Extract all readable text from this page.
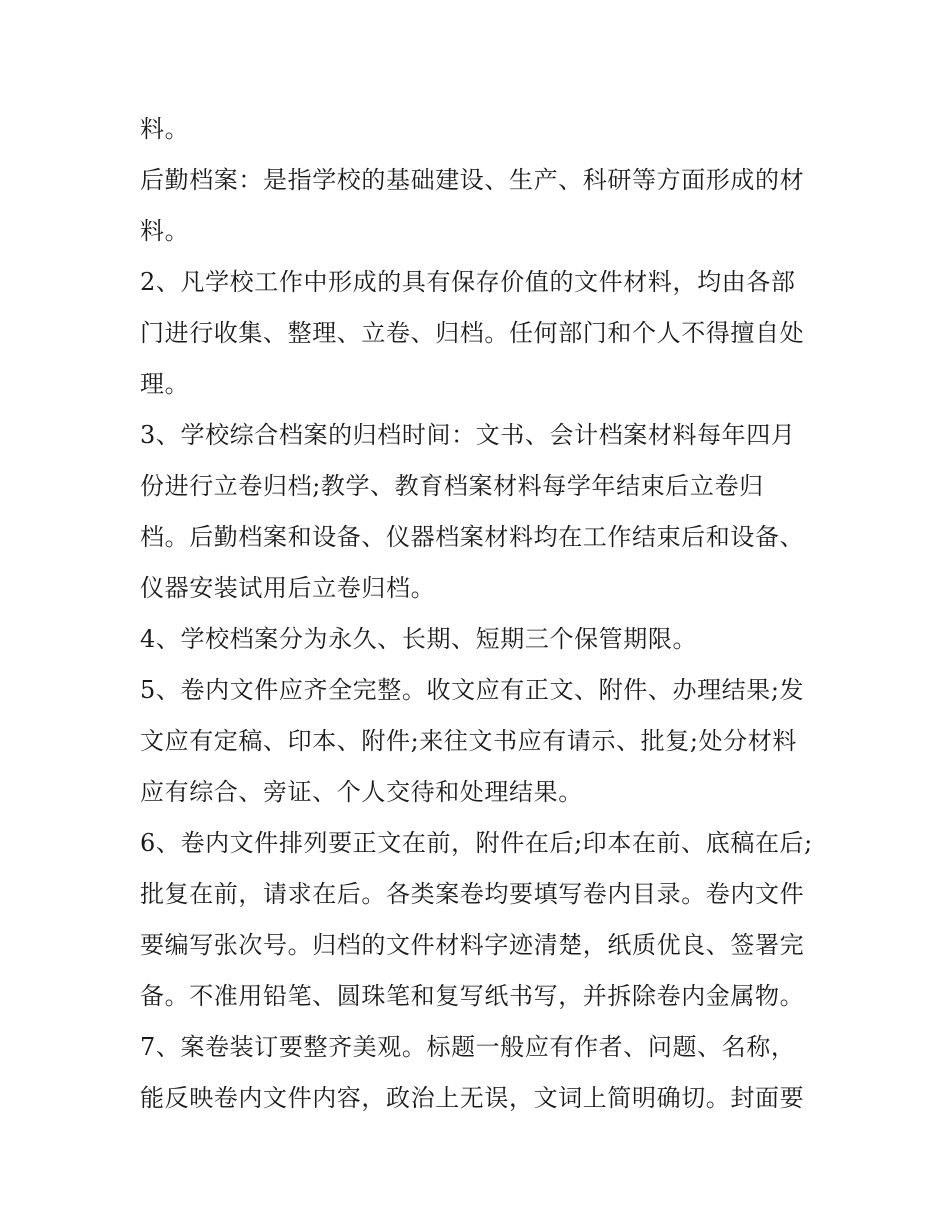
料。
后勤档案：是指学校的基础建设、生产、科研等方面形成的材
料。
2、凡学校工作中形成的具有保存价值的文件材料，均由各部
门进行收集、整理、立卷、归档。任何部门和个人不得擅自处
理。
3、学校综合档案的归档时间：文书、会计档案材料每年四月
份进行立卷归档;教学、教育档案材料每学年结束后立卷归
档。后勤档案和设备、仪器档案材料均在工作结束后和设备、
仪器安装试用后立卷归档。
4、学校档案分为永久、长期、短期三个保管期限。
5、卷内文件应齐全完整。收文应有正文、附件、办理结果;发
文应有定稿、印本、附件;来往文书应有请示、批复;处分材料
应有综合、旁证、个人交待和处理结果。
6、卷内文件排列要正文在前，附件在后;印本在前、底稿在后;
批复在前，请求在后。各类案卷均要填写卷内目录。卷内文件
要编写张次号。归档的文件材料字迹清楚，纸质优良、签署完
备。不准用铅笔、圆珠笔和复写纸书写，并拆除卷内金属物。
7、案卷装订要整齐美观。标题一般应有作者、问题、名称，
能反映卷内文件内容，政治上无误，文词上简明确切。封面要
